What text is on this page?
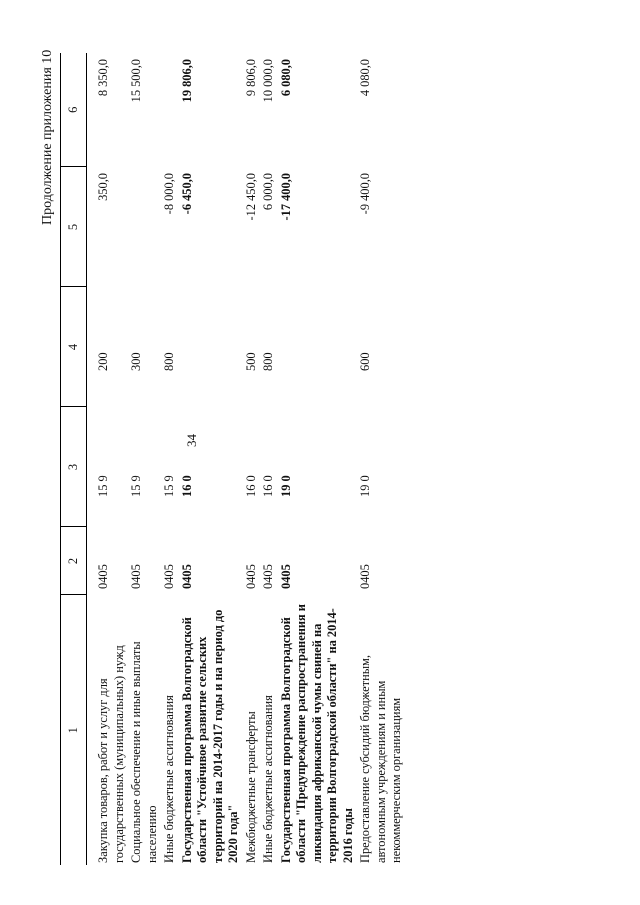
34
Продолжение приложения 10
1	2	3	4	5	6
Закупка товаров, работ и услуг для государственных (муниципальных) нужд	0405	15 9	200	350,0	8 350,0
Социальное обеспечение и иные выплаты населению	0405	15 9	300		15 500,0
Иные бюджетные ассигнования	0405	15 9	800	-8 000,0	
Государственная программа Волгоградской области "Устойчивое развитие сельских территорий на 2014-2017 годы и на период до 2020 года"	0405	16 0		-6 450,0	19 806,0
Межбюджетные трансферты	0405	16 0	500	-12 450,0	9 806,0
Иные бюджетные ассигнования	0405	16 0	800	6 000,0	10 000,0
Государственная программа Волгоградской области "Предупреждение распространения и ликвидация африканской чумы свиней на территории Волгоградской области" на 2014-2016 годы	0405	19 0		-17 400,0	6 080,0
Предоставление субсидий бюджетным, автономным учреждениям и иным некоммерческим организациям	0405	19 0	600	-9 400,0	4 080,0
